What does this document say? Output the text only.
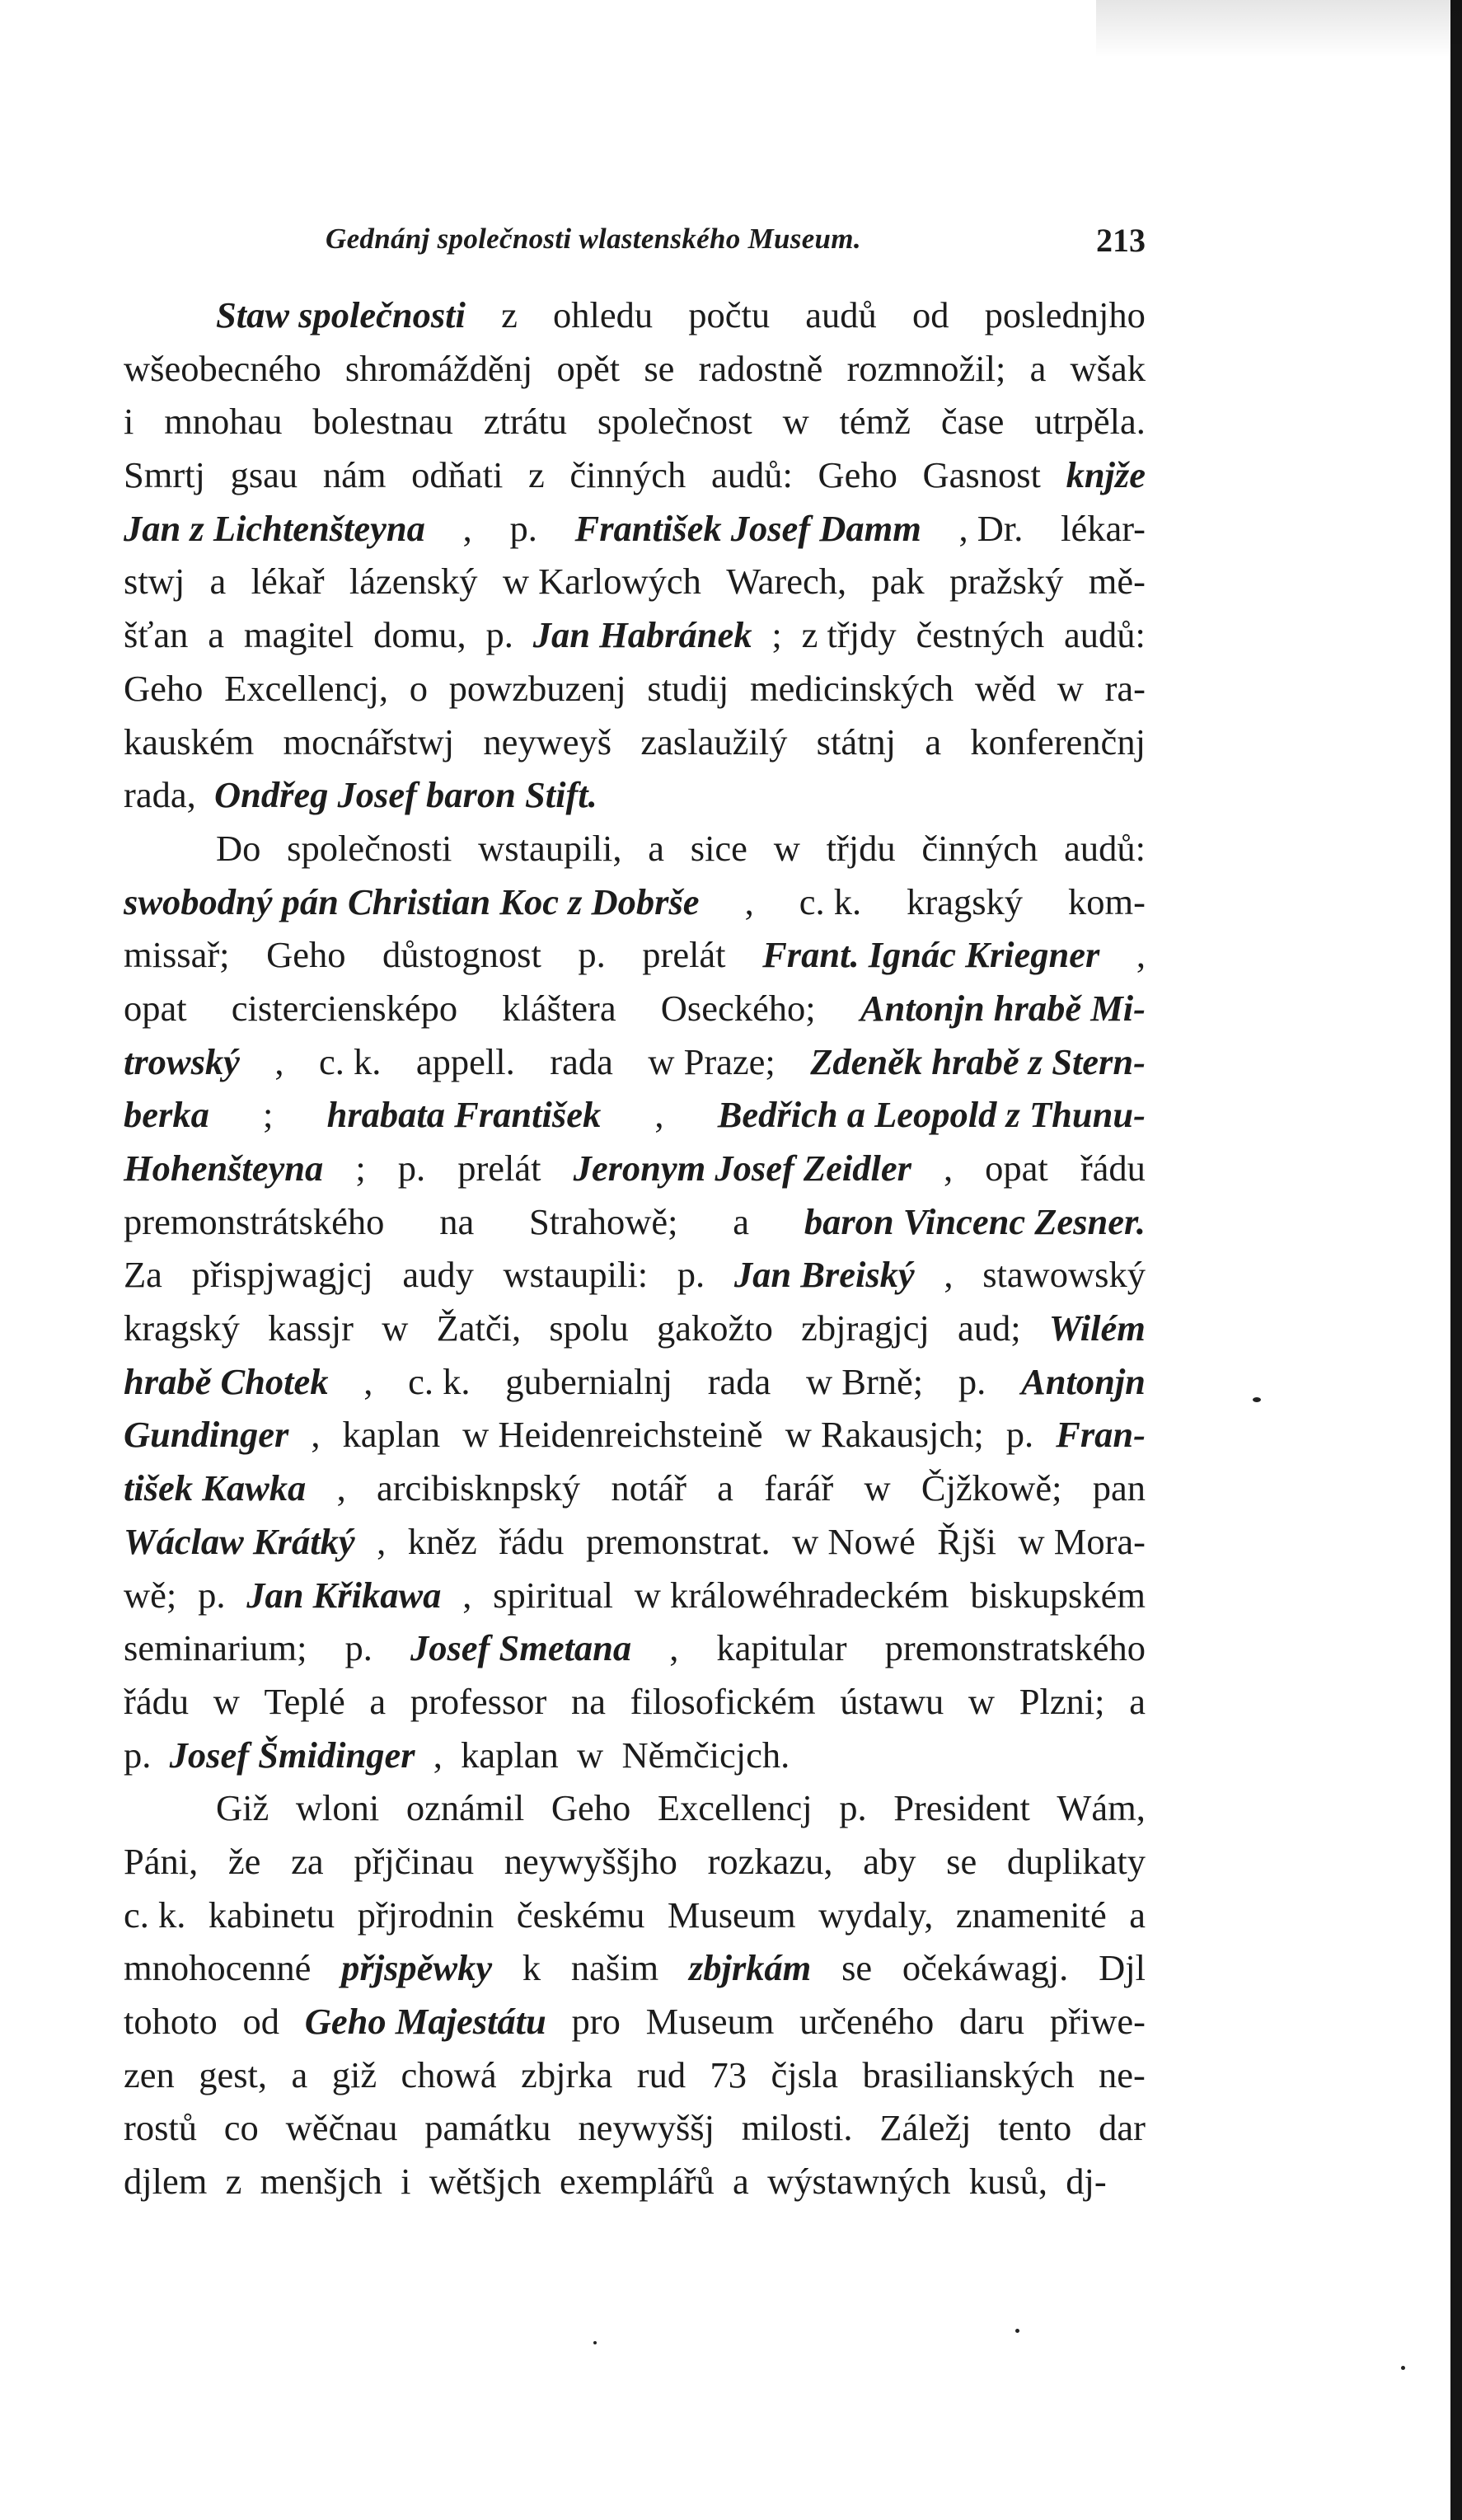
Gednánj společnosti wlastenského Museum.	213
Staw společnosti z ohledu počtu audů od poslednjho
wšeobecného shromážděnj opět se radostně rozmnožil; a wšak
i mnohau bolestnau ztrátu společnost w témž čase utrpěla.
Smrtj gsau nám odňati z činných audů: Geho Gasnost knjže
Jan z Lichtenšteyna , p. František Josef Damm , Dr. lékar-
stwj a lékař lázenský w Karlowých Warech, pak pražský mě-
šťan a magitel domu, p. Jan Habránek ; z třjdy čestných audů:
Geho Excellencj, o powzbuzenj studij medicinských wěd w ra-
kauském mocnářstwj neyweyš zaslaužilý státnj a konferenčnj
rada, Ondřeg Josef baron Stift.
Do společnosti wstaupili, a sice w třjdu činných audů:
swobodný pán Christian Koc z Dobrše , c. k. kragský kom-
missař; Geho důstognost p. prelát Frant. Ignác Kriegner ,
opat cisterciensképo kláštera Oseckého; Antonjn hrabě Mi-
trowský , c. k. appell. rada w Praze; Zdeněk hrabě z Stern-
berka ; hrabata František , Bedřich a Leopold z Thunu-
Hohenšteyna ; p. prelát Jeronym Josef Zeidler , opat řádu
premonstrátského na Strahowě; a baron Vincenc Zesner.
Za přispjwagjcj audy wstaupili: p. Jan Breiský , stawowský
kragský kassjr w Žatči, spolu gakožto zbjragjcj aud; Wilém
hrabě Chotek , c. k. gubernialnj rada w Brně; p. Antonjn
Gundinger , kaplan w Heidenreichsteině w Rakausjch; p. Fran-
tišek Kawka , arcibisknpský notář a farář w Čjžkowě; pan
Wáclaw Krátký , kněz řádu premonstrat. w Nowé Řjši w Mora-
wě; p. Jan Křikawa , spiritual w králowéhradeckém biskupském
seminarium; p. Josef Smetana , kapitular premonstratského
řádu w Teplé a professor na filosofickém ústawu w Plzni; a
p. Josef Šmidinger , kaplan w Němčicjch.
Giž wloni oznámil Geho Excellencj p. President Wám,
Páni, že za přjčinau neywyššjho rozkazu, aby se duplikaty
c. k. kabinetu přjrodnin českému Museum wydaly, znamenité a
mnohocenné přjspěwky k našim zbjrkám se očekáwagj. Djl
tohoto od Geho Majestátu pro Museum určeného daru přiwe-
zen gest, a giž chowá zbjrka rud 73 čjsla brasilianských ne-
rostů co wěčnau památku neywyššj milosti. Záležj tento dar
djlem z menšjch i wětšjch exemplářů a wýstawných kusů, dj-
